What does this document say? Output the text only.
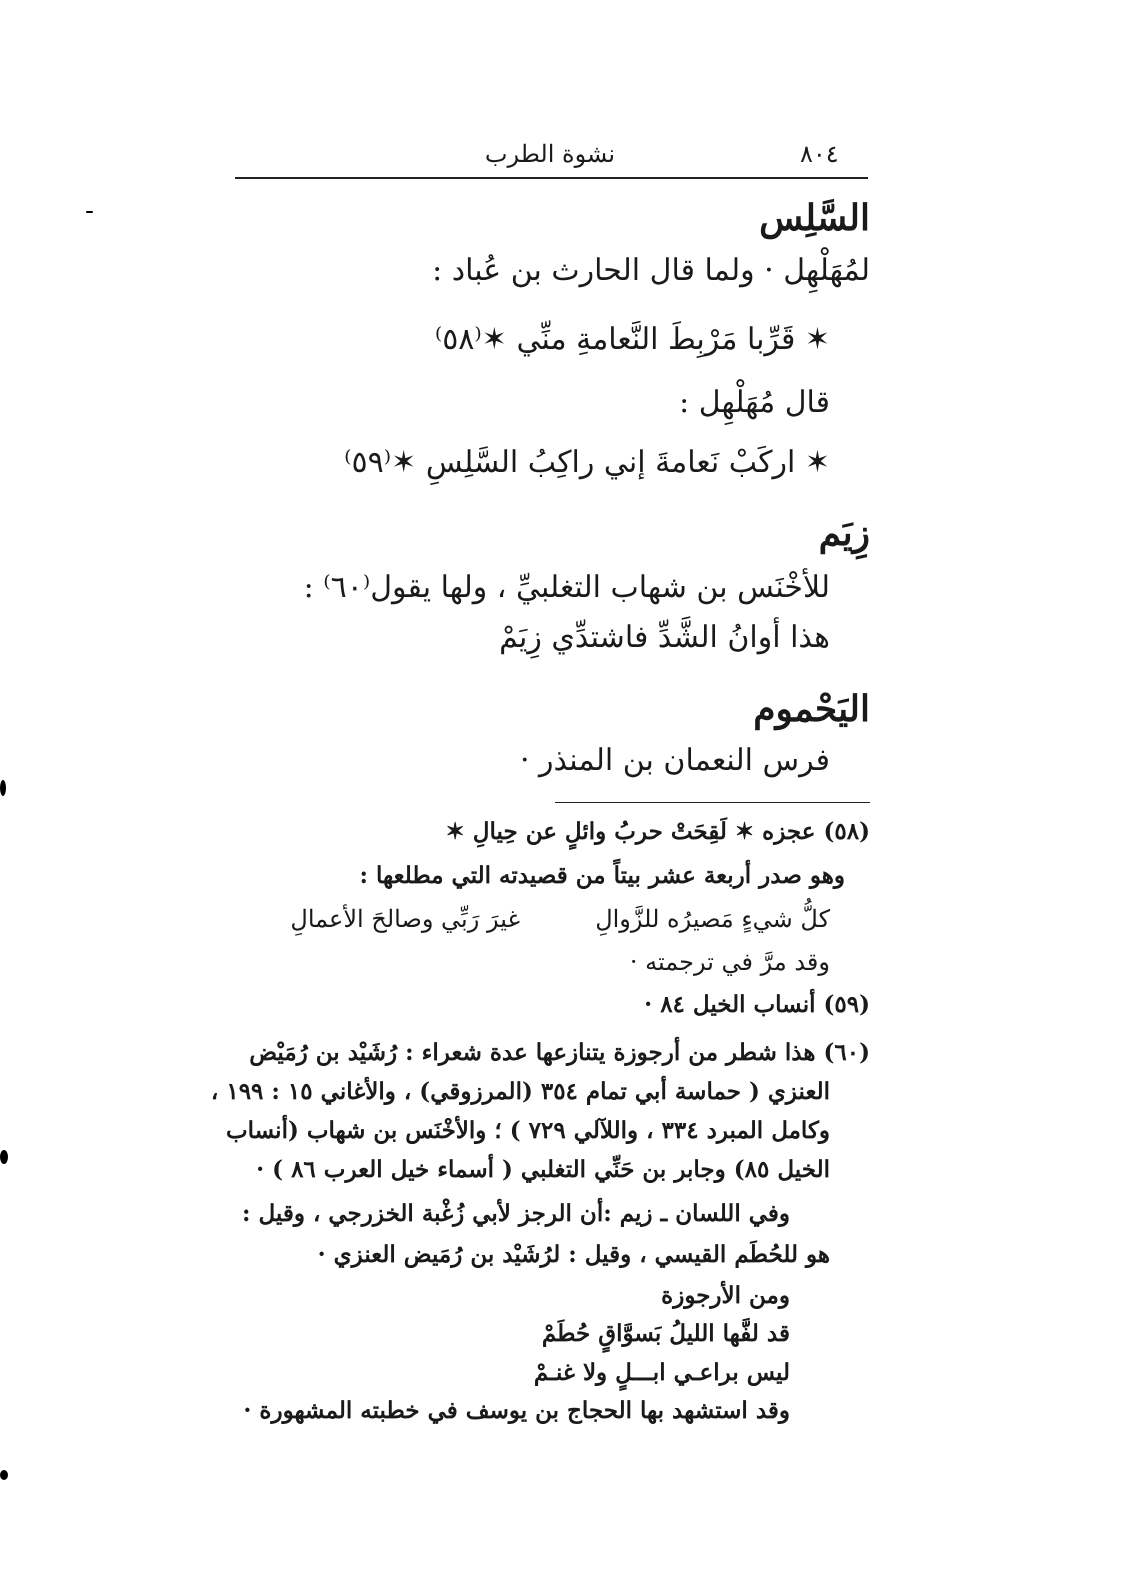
٨٠٤
نشوة الطرب
السَّلِس
لمُهَلْهِل · ولما قال الحارث بن عُباد :
✶ قَرِّبا مَرْبِطَ النَّعامةِ منِّي ✶⁽٥٨⁾
قال مُهَلْهِل :
✶ اركَبْ نَعامةَ إني راكِبُ السَّلِسِ ✶⁽٥٩⁾
زِيَم
للأخْنَس بن شهاب التغلبيِّ ، ولها يقول⁽٦٠⁾ :
هذا أوانُ الشَّدِّ فاشتدِّي زِيَمْ
اليَحْموم
فرس النعمان بن المنذر ·
(٥٨) عجزه ✶ لَقِحَتْ حربُ وائلٍ عن حِيالِ ✶
وهو صدر أربعة عشر بيتاً من قصيدته التي مطلعها :
كلُّ شيءٍ مَصيرُه للزَّوالِ
غيرَ رَبِّي وصالحَ الأعمالِ
وقد مرَّ في ترجمته ·
(٥٩) أنساب الخيل ٨٤ ·
(٦٠) هذا شطر من أرجوزة يتنازعها عدة شعراء : رُشَيْد بن رُمَيْض
العنزي ( حماسة أبي تمام ٣٥٤ (المرزوقي) ، والأغاني ١٥ : ١٩٩ ،
وكامل المبرد ٣٣٤ ، واللآلي ٧٢٩ ) ؛ والأخْنَس بن شهاب (أنساب
الخيل ٨٥) وجابر بن حَنِّي التغلبي ( أسماء خيل العرب ٨٦ ) ·
وفي اللسان ـ زيم :أن الرجز لأبي زُغْبة الخزرجي ، وقيل :
هو للحُطَم القيسي ، وقيل : لرُشَيْد بن رُمَيض العنزي ·
ومن الأرجوزة
قد لفَّها الليلُ بَسوَّاقٍ حُطَمْ
ليس براعـي ابـــلٍ ولا غنـمْ
وقد استشهد بها الحجاج بن يوسف في خطبته المشهورة ·
